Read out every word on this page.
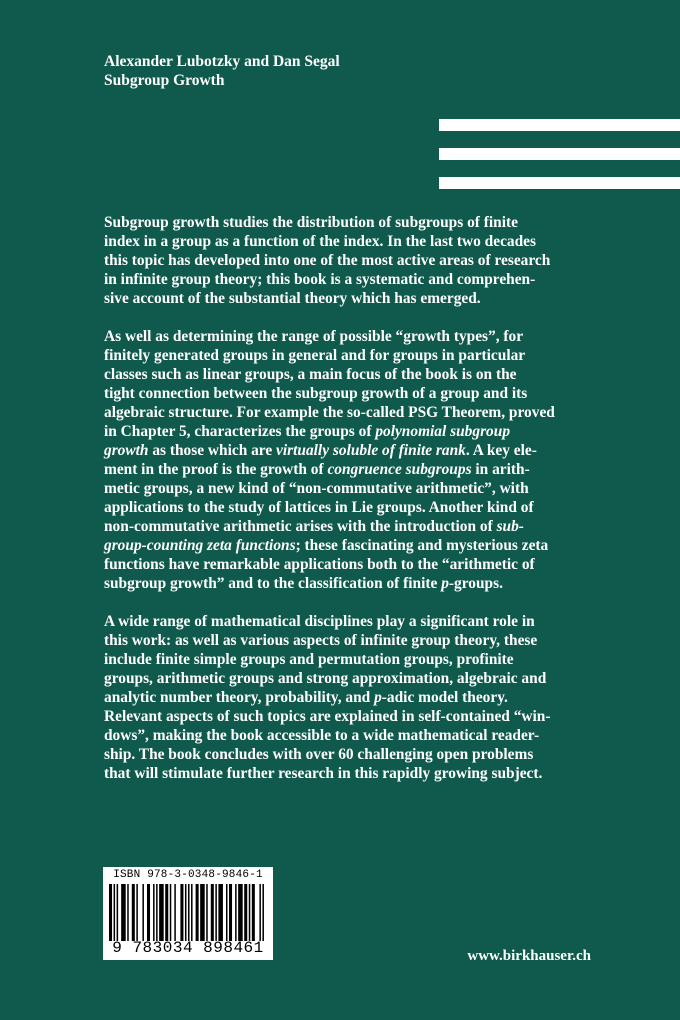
Alexander Lubotzky and Dan Segal
Subgroup Growth
Subgroup growth studies the distribution of subgroups of finite
index in a group as a function of the index. In the last two decades
this topic has developed into one of the most active areas of research
in infinite group theory; this book is a systematic and comprehen-
sive account of the substantial theory which has emerged.
As well as determining the range of possible “growth types”, for
finitely generated groups in general and for groups in particular
classes such as linear groups, a main focus of the book is on the
tight connection between the subgroup growth of a group and its
algebraic structure. For example the so-called PSG Theorem, proved
in Chapter 5, characterizes the groups of polynomial subgroup
growth as those which are virtually soluble of finite rank. A key ele-
ment in the proof is the growth of congruence subgroups in arith-
metic groups, a new kind of “non-commutative arithmetic”, with
applications to the study of lattices in Lie groups. Another kind of
non-commutative arithmetic arises with the introduction of sub-
group-counting zeta functions; these fascinating and mysterious zeta
functions have remarkable applications both to the “arithmetic of
subgroup growth” and to the classification of finite p-groups.
A wide range of mathematical disciplines play a significant role in
this work: as well as various aspects of infinite group theory, these
include finite simple groups and permutation groups, profinite
groups, arithmetic groups and strong approximation, algebraic and
analytic number theory, probability, and p-adic model theory.
Relevant aspects of such topics are explained in self-contained “win-
dows”, making the book accessible to a wide mathematical reader-
ship. The book concludes with over 60 challenging open problems
that will stimulate further research in this rapidly growing subject.
ISBN 978-3-0348-9846-1
9 783034 898461	www.birkhauser.ch
